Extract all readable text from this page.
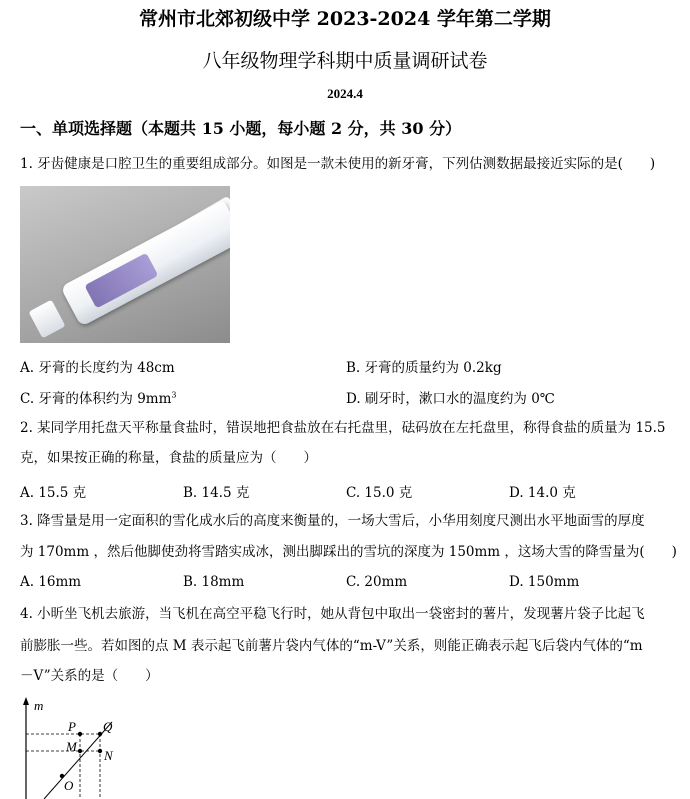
常州市北郊初级中学 2023-2024 学年第二学期
八年级物理学科期中质量调研试卷
2024.4
一、单项选择题（本题共 15 小题，每小题 2 分，共 30 分）
1. 牙齿健康是口腔卫生的重要组成部分。如图是一款未使用的新牙膏，下列估测数据最接近实际的是(　　)
A. 牙膏的长度约为 48cm	B. 牙膏的质量约为 0.2kg
C. 牙膏的体积约为 $9mm^3$	D. 刷牙时，漱口水的温度约为 0℃
2. 某同学用托盘天平称量食盐时，错误地把食盐放在右托盘里，砝码放在左托盘里，称得食盐的质量为 15.5
克，如果按正确的称量，食盐的质量应为（　　）
A. 15.5 克	B. 14.5 克	C. 15.0 克	D. 14.0 克
3. 降雪量是用一定面积的雪化成水后的高度来衡量的，一场大雪后，小华用刻度尺测出水平地面雪的厚度
为 170mm ，然后他脚使劲将雪踏实成冰，测出脚踩出的雪坑的深度为 150mm ，这场大雪的降雪量为(　　)
A. 16mm	B. 18mm	C. 20mm	D. 150mm
4. 小昕坐飞机去旅游，当飞机在高空平稳飞行时，她从背包中取出一袋密封的薯片，发现薯片袋子比起飞
前膨胀一些。若如图的点 M 表示起飞前薯片袋内气体的“m-V”关系，则能正确表示起飞后袋内气体的“m
－V”关系的是（　　）
m
P Q
M
N
O
